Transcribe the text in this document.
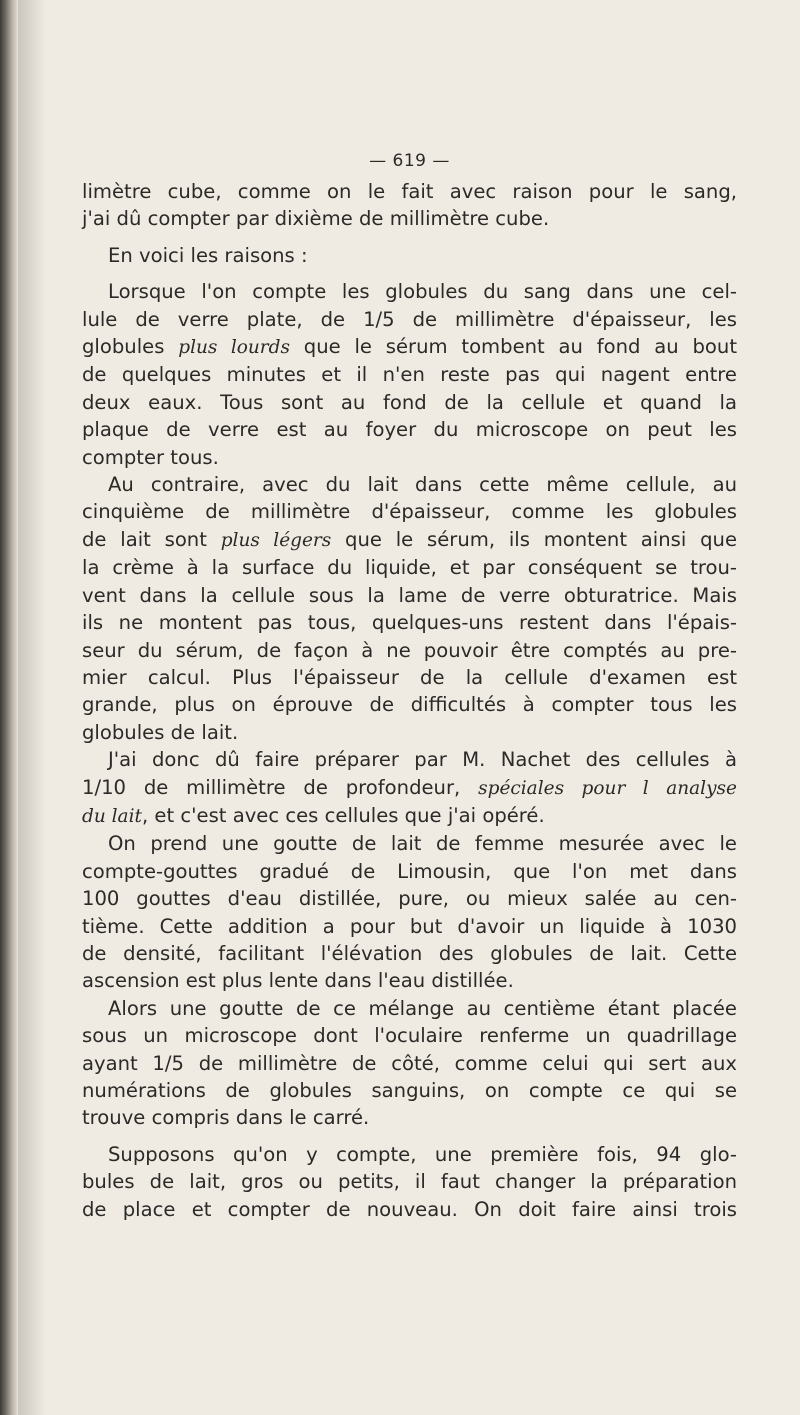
— 619 —
limètre cube, comme on le fait avec raison pour le sang,
j'ai dû compter par dixième de millimètre cube.
En voici les raisons :
Lorsque l'on compte les globules du sang dans une cel-
lule de verre plate, de 1/5 de millimètre d'épaisseur, les
globules plus lourds que le sérum tombent au fond au bout
de quelques minutes et il n'en reste pas qui nagent entre
deux eaux. Tous sont au fond de la cellule et quand la
plaque de verre est au foyer du microscope on peut les
compter tous.
Au contraire, avec du lait dans cette même cellule, au
cinquième de millimètre d'épaisseur, comme les globules
de lait sont plus légers que le sérum, ils montent ainsi que
la crème à la surface du liquide, et par conséquent se trou-
vent dans la cellule sous la lame de verre obturatrice. Mais
ils ne montent pas tous, quelques-uns restent dans l'épais-
seur du sérum, de façon à ne pouvoir être comptés au pre-
mier calcul. Plus l'épaisseur de la cellule d'examen est
grande, plus on éprouve de difficultés à compter tous les
globules de lait.
J'ai donc dû faire préparer par M. Nachet des cellules à
1/10 de millimètre de profondeur, spéciales pour l analyse
du lait, et c'est avec ces cellules que j'ai opéré.
On prend une goutte de lait de femme mesurée avec le
compte-gouttes gradué de Limousin, que l'on met dans
100 gouttes d'eau distillée, pure, ou mieux salée au cen-
tième. Cette addition a pour but d'avoir un liquide à 1030
de densité, facilitant l'élévation des globules de lait. Cette
ascension est plus lente dans l'eau distillée.
Alors une goutte de ce mélange au centième étant placée
sous un microscope dont l'oculaire renferme un quadrillage
ayant 1/5 de millimètre de côté, comme celui qui sert aux
numérations de globules sanguins, on compte ce qui se
trouve compris dans le carré.
Supposons qu'on y compte, une première fois, 94 glo-
bules de lait, gros ou petits, il faut changer la préparation
de place et compter de nouveau. On doit faire ainsi trois
